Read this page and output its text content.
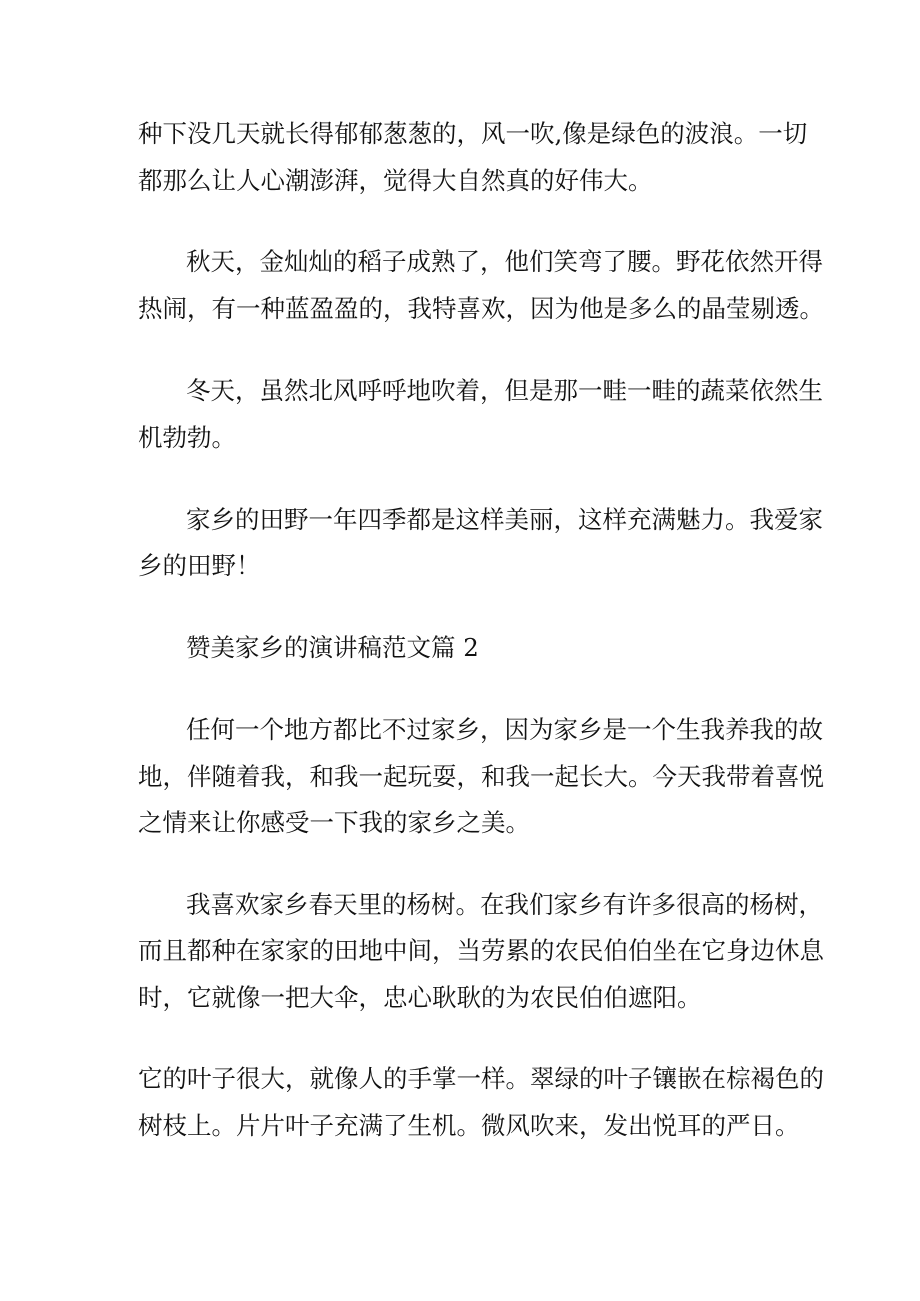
种下没几天就长得郁郁葱葱的，风一吹,像是绿色的波浪。一切

都那么让人心潮澎湃，觉得大自然真的好伟大。

秋天，金灿灿的稻子成熟了，他们笑弯了腰。野花依然开得

热闹，有一种蓝盈盈的，我特喜欢，因为他是多么的晶莹剔透。

冬天，虽然北风呼呼地吹着，但是那一畦一畦的蔬菜依然生

机勃勃。

家乡的田野一年四季都是这样美丽，这样充满魅力。我爱家

乡的田野！

赞美家乡的演讲稿范文篇 2

任何一个地方都比不过家乡，因为家乡是一个生我养我的故

地，伴随着我，和我一起玩耍，和我一起长大。今天我带着喜悦

之情来让你感受一下我的家乡之美。

我喜欢家乡春天里的杨树。在我们家乡有许多很高的杨树，

而且都种在家家的田地中间，当劳累的农民伯伯坐在它身边休息

时，它就像一把大伞，忠心耿耿的为农民伯伯遮阳。

它的叶子很大，就像人的手掌一样。翠绿的叶子镶嵌在棕褐色的

树枝上。片片叶子充满了生机。微风吹来，发出悦耳的严日。
